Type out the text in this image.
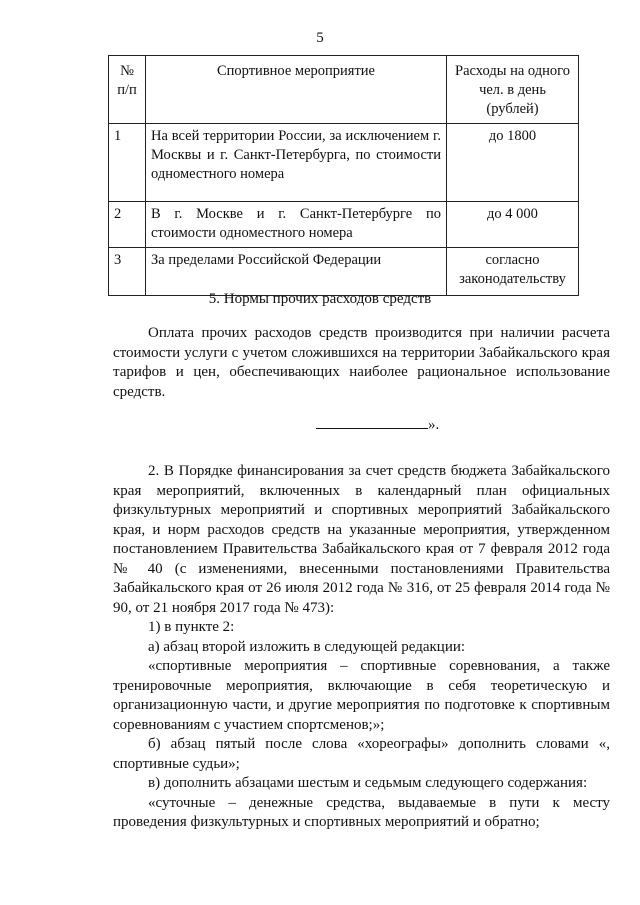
5
№ п/п	Спортивное мероприятие	Расходы на одного чел. в день (рублей)
1	На всей территории России, за исключением г. Москвы и г. Санкт-Петербурга, по стоимости одноместного номера	до 1800
2	В г. Москве и г. Санкт-Петербурге по стоимости одноместного номера	до 4 000
3	За пределами Российской Федерации	согласно законодательству
5. Нормы прочих расходов средств
Оплата прочих расходов средств производится при наличии расчета стоимости услуги с учетом сложившихся на территории Забайкальского края тарифов и цен, обеспечивающих наиболее рациональное использование средств.
».

2. В Порядке финансирования за счет средств бюджета Забайкальского края мероприятий, включенных в календарный план официальных физкультурных мероприятий и спортивных мероприятий Забайкальского края, и норм расходов средств на указанные мероприятия, утвержденном постановлением Правительства Забайкальского края от 7 февраля 2012 года № 40 (с изменениями, внесенными постановлениями Правительства Забайкальского края от 26 июля 2012 года № 316, от 25 февраля 2014 года № 90, от 21 ноября 2017 года № 473):

1) в пункте 2:

а) абзац второй изложить в следующей редакции:

«спортивные мероприятия – спортивные соревнования, а также тренировочные мероприятия, включающие в себя теоретическую и организационную части, и другие мероприятия по подготовке к спортивным соревнованиям с участием спортсменов;»;

б) абзац пятый после слова «хореографы» дополнить словами «, спортивные судьи»;

в) дополнить абзацами шестым и седьмым следующего содержания:

«суточные – денежные средства, выдаваемые в пути к месту проведения физкультурных и спортивных мероприятий и обратно;
